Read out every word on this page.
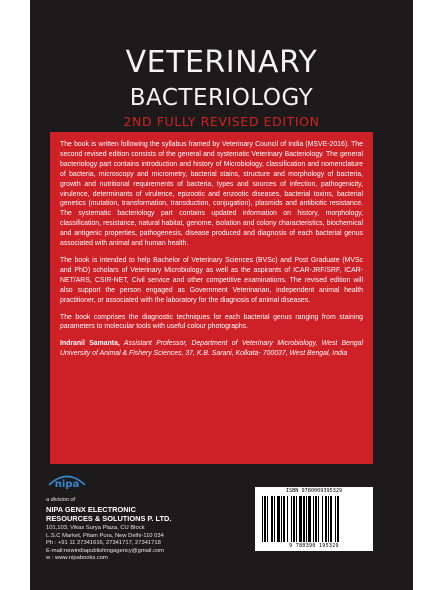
VETERINARY
BACTERIOLOGY
2ND FULLY REVISED EDITION

The book is written following the syllabus framed by Veterinary Council of India (MSVE-2016). The second revised edition consists of the general and systematic Veterinary Bacteriology. The general bacteriology part contains introduction and history of Microbiology, classification and nomenclature of bacteria, microscopy and micrometry, bacterial stains, structure and morphology of bacteria, growth and nutritional requirements of bacteria, types and sources of infection, pathogenicity, virulence, determinants of virulence, epizootic and enzootic diseases, bacterial toxins, bacterial genetics (mutation, transformation, transduction, conjugation), plasmids and antibiotic resistance. The systematic bacteriology part contains updated information on history, morphology, classification, resistance, natural habitat, genome, isolation and colony characteristics, biochemical and antigenic properties, pathogenesis, disease produced and diagnosis of each bacterial genus associated with animal and human health.

The book is intended to help Bachelor of Veterinary Sciences (BVSc) and Post Graduate (MVSc and PhD) scholars of Veterinary Microbiology as well as the aspirants of ICAR-JRF/SRF, ICAR-NET/ARS, CSIR-NET, Civil service and other competitive examinations. The revised edition will also support the person engaged as Government Veterinarian, independent animal health practitioner, or associated with the laboratory for the diagnosis of animal diseases.

The book comprises the diagnostic techniques for each bacterial genus ranging from staining parameters to molecular tools with useful colour photographs.

Indranil Samanta, Assistant Professor, Department of Veterinary Microbiology, West Bengal University of Animal & Fishery Sciences, 37, K.B. Sarani, Kolkata- 700037, West Bengal, India

nipa
a division of
NIPA GENX ELECTRONIC
RESOURCES & SOLUTIONS P. LTD.
101,103, Vikas Surya Plaza, CU Block
L.S.C Market, Pitam Pura, New Delhi-110 034
Ph : +91 11 27341616, 27341717, 27341718
E-mail:newindiapublishingagency@gmail.com
w : www.nipabooks.com
ISBN 9780009395329
9 780390 195329
